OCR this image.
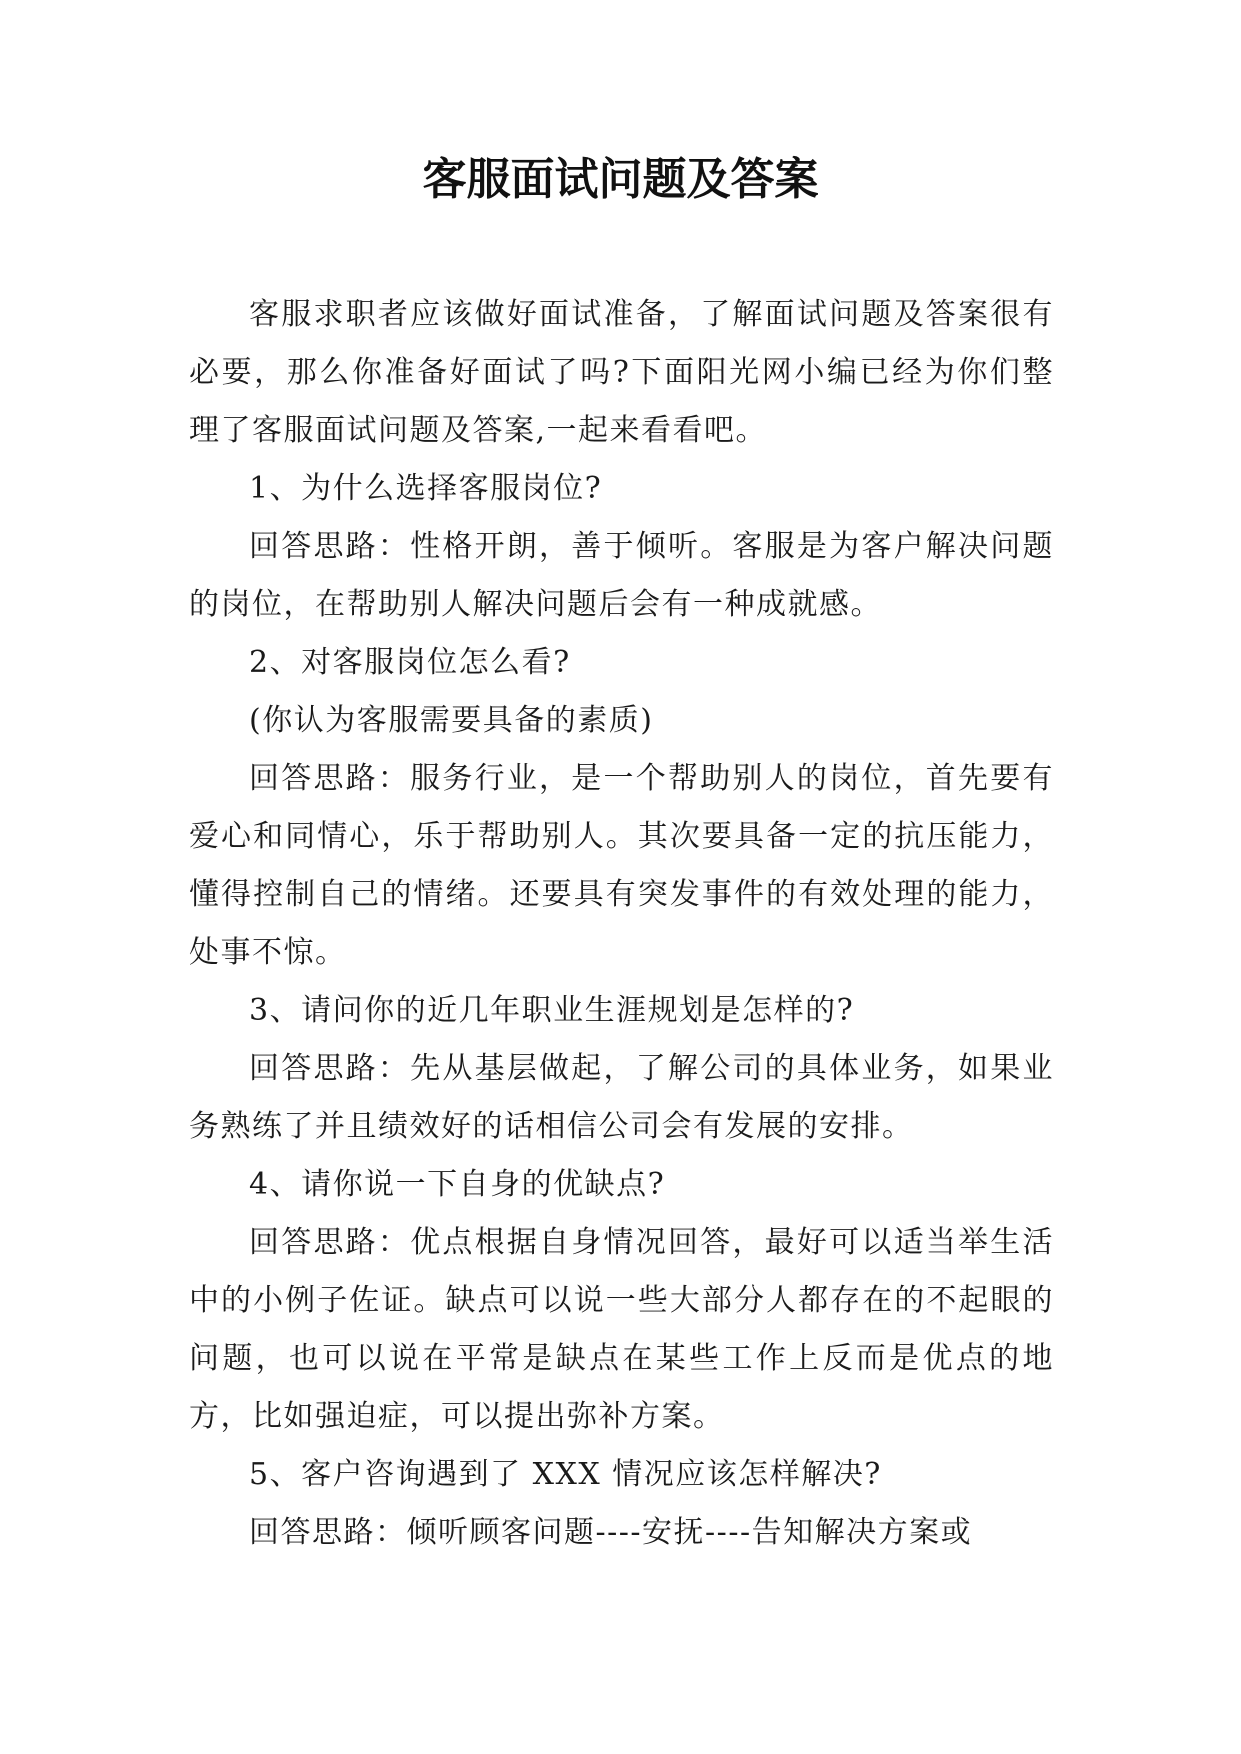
客服面试问题及答案

客服求职者应该做好面试准备，了解面试问题及答案很有必要，那么你准备好面试了吗?下面阳光网小编已经为你们整理了客服面试问题及答案,一起来看看吧。

1、为什么选择客服岗位?

回答思路：性格开朗，善于倾听。客服是为客户解决问题的岗位，在帮助别人解决问题后会有一种成就感。

2、对客服岗位怎么看?

(你认为客服需要具备的素质)

回答思路：服务行业，是一个帮助别人的岗位，首先要有爱心和同情心，乐于帮助别人。其次要具备一定的抗压能力，懂得控制自己的情绪。还要具有突发事件的有效处理的能力，处事不惊。

3、请问你的近几年职业生涯规划是怎样的?

回答思路：先从基层做起，了解公司的具体业务，如果业务熟练了并且绩效好的话相信公司会有发展的安排。

4、请你说一下自身的优缺点?

回答思路：优点根据自身情况回答，最好可以适当举生活中的小例子佐证。缺点可以说一些大部分人都存在的不起眼的问题，也可以说在平常是缺点在某些工作上反而是优点的地方，比如强迫症，可以提出弥补方案。

5、客户咨询遇到了 XXX 情况应该怎样解决?

回答思路：倾听顾客问题----安抚----告知解决方案或
